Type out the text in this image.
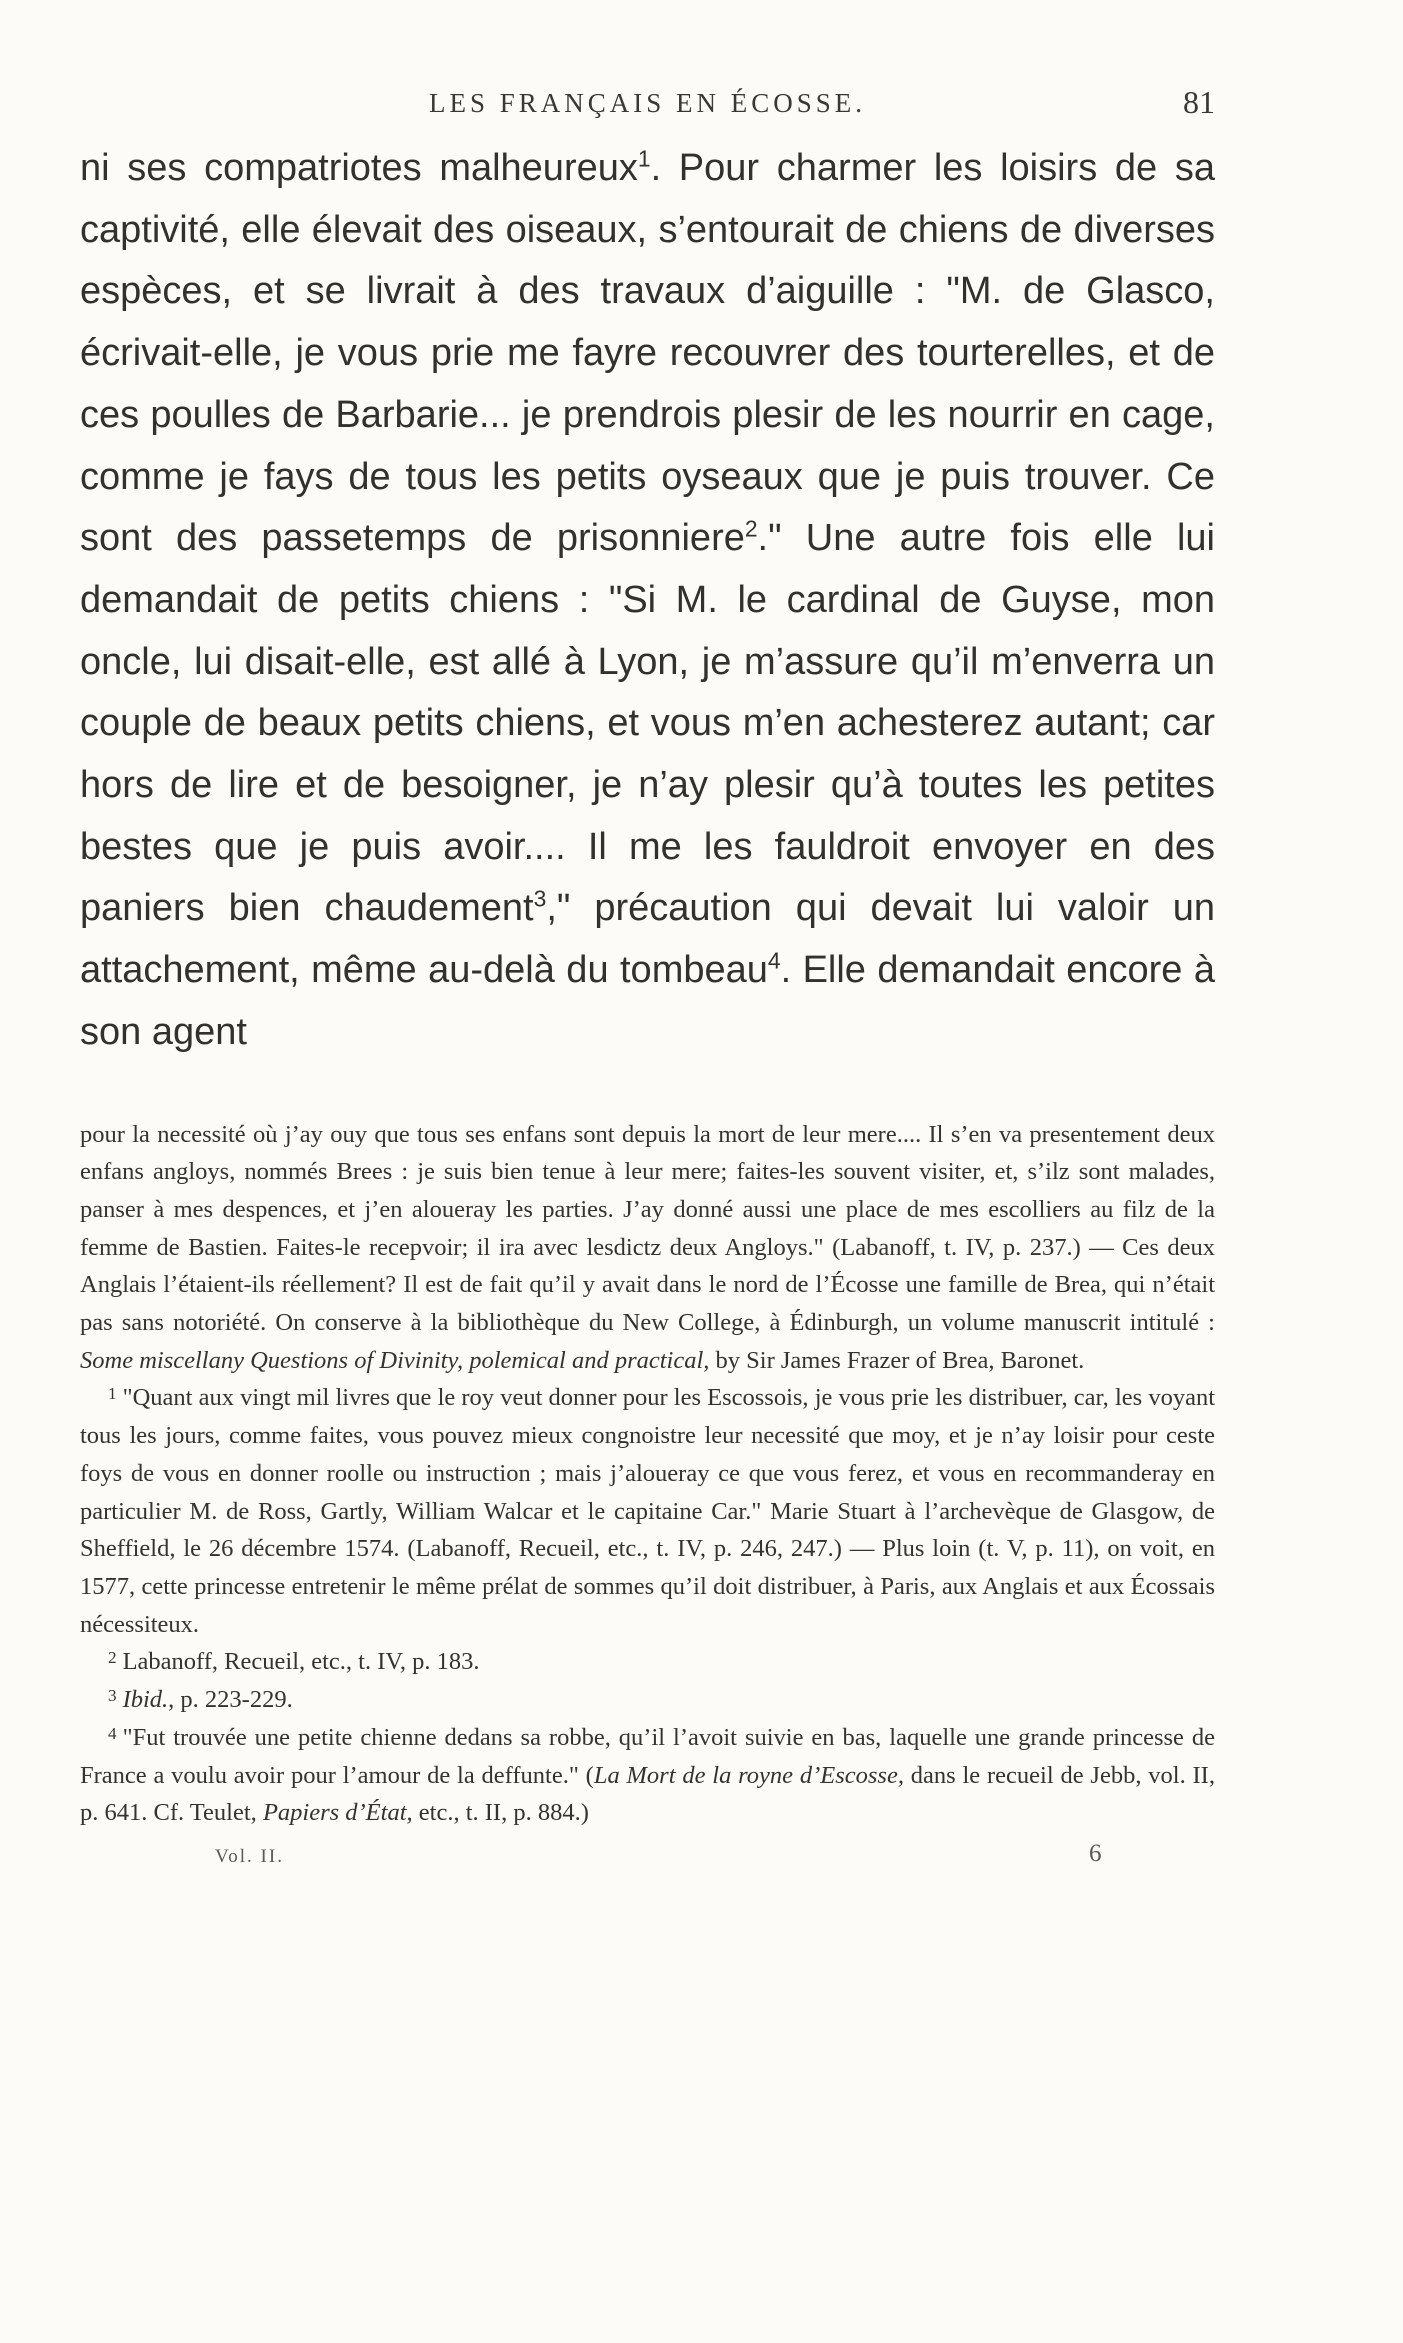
LES FRANÇAIS EN ÉCOSSE.	81

ni ses compatriotes malheureux$^1$. Pour charmer les loisirs de sa captivité, elle élevait des oiseaux, s’entourait de chiens de diverses espèces, et se livrait à des travaux d’aiguille : "M. de Glasco, écrivait-elle, je vous prie me fayre recouvrer des tourterelles, et de ces poulles de Barbarie... je prendrois plesir de les nourrir en cage, comme je fays de tous les petits oyseaux que je puis trouver. Ce sont des passetemps de prisonniere$^2$." Une autre fois elle lui demandait de petits chiens : "Si M. le cardinal de Guyse, mon oncle, lui disait-elle, est allé à Lyon, je m’assure qu’il m’enverra un couple de beaux petits chiens, et vous m’en achesterez autant; car hors de lire et de besoigner, je n’ay plesir qu’à toutes les petites bestes que je puis avoir.... Il me les fauldroit envoyer en des paniers bien chaudement$^3$," précaution qui devait lui valoir un attachement, même au-delà du tombeau$^4$. Elle demandait encore à son agent

pour la necessité où j’ay ouy que tous ses enfans sont depuis la mort de leur mere.... Il s’en va presentement deux enfans angloys, nommés Brees : je suis bien tenue à leur mere; faites-les souvent visiter, et, s’ilz sont malades, panser à mes despences, et j’en aloueray les parties. J’ay donné aussi une place de mes escolliers au filz de la femme de Bastien. Faites-le recepvoir; il ira avec lesdictz deux Angloys." (Labanoff, t. IV, p. 237.) — Ces deux Anglais l’étaient-ils réellement? Il est de fait qu’il y avait dans le nord de l’Écosse une famille de Brea, qui n’était pas sans notoriété. On conserve à la bibliothèque du New College, à Édinburgh, un volume manuscrit intitulé : Some miscellany Questions of Divinity, polemical and practical, by Sir James Frazer of Brea, Baronet.

$^1$ "Quant aux vingt mil livres que le roy veut donner pour les Escossois, je vous prie les distribuer, car, les voyant tous les jours, comme faites, vous pouvez mieux congnoistre leur necessité que moy, et je n’ay loisir pour ceste foys de vous en donner roolle ou instruction ; mais j’aloueray ce que vous ferez, et vous en recommanderay en particulier M. de Ross, Gartly, William Walcar et le capitaine Car." Marie Stuart à l’archevèque de Glasgow, de Sheffield, le 26 décembre 1574. (Labanoff, Recueil, etc., t. IV, p. 246, 247.) — Plus loin (t. V, p. 11), on voit, en 1577, cette princesse entretenir le même prélat de sommes qu’il doit distribuer, à Paris, aux Anglais et aux Écossais nécessiteux.

$^2$ Labanoff, Recueil, etc., t. IV, p. 183.

$^3$ Ibid., p. 223-229.

$^4$ "Fut trouvée une petite chienne dedans sa robbe, qu’il l’avoit suivie en bas, laquelle une grande princesse de France a voulu avoir pour l’amour de la deffunte." (La Mort de la royne d’Escosse, dans le recueil de Jebb, vol. II, p. 641. Cf. Teulet, Papiers d’État, etc., t. II, p. 884.)

Vol. II.	6
